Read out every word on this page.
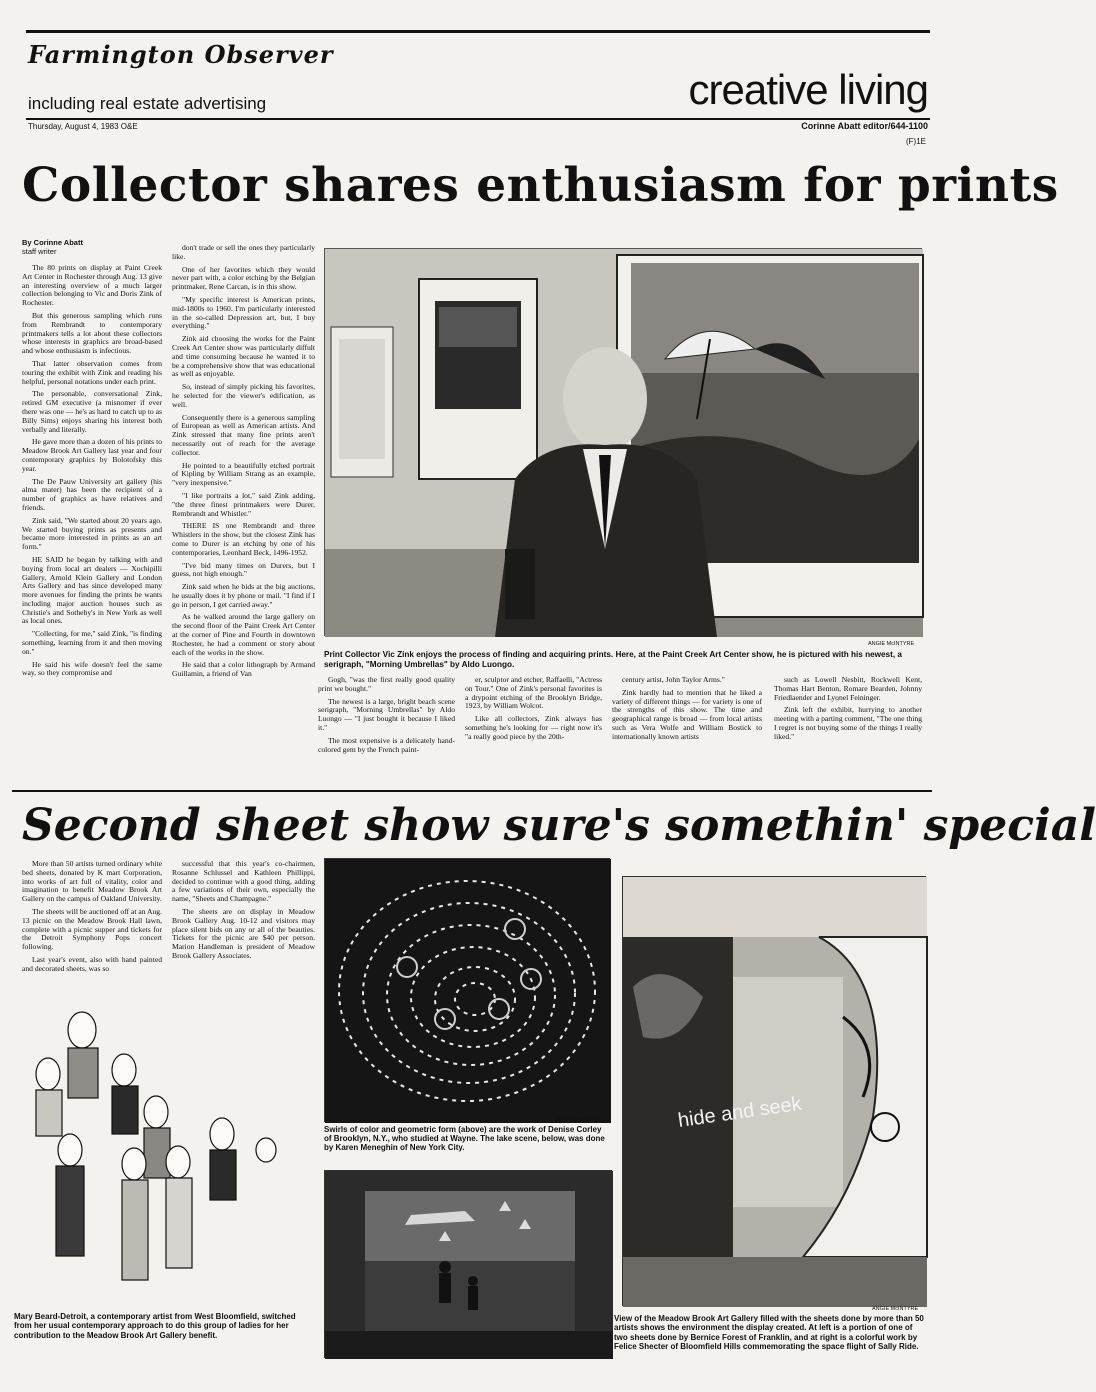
Farmington Observer
including real estate advertising	creative living
Thursday, August 4, 1983 O&E	Corinne Abatt editor/644-1100
(F)1E
Collector shares enthusiasm for prints
By Corinne Abatt
staff writer

The 80 prints on display at Paint Creek Art Center in Rochester through Aug. 13 give an interesting overview of a much larger collection belonging to Vic and Doris Zink of Rochester.

But this generous sampling which runs from Rembrandt to contemporary printmakers tells a lot about these collectors whose interests in graphics are broad-based and whose enthusiasm is infectious.

That latter observation comes from touring the exhibit with Zink and reading his helpful, personal notations under each print.

The personable, conversational Zink, retired GM executive (a misnomer if ever there was one — he's as hard to catch up to as Billy Sims) enjoys sharing his interest both verbally and literally.

He gave more than a dozen of his prints to Meadow Brook Art Gallery last year and four contemporary graphics by Bolotofsky this year.

The De Pauw University art gallery (his alma mater) has been the recipient of a number of graphics as have relatives and friends.

Zink said, "We started about 20 years ago. We started buying prints as presents and became more interested in prints as an art form."

HE SAID he began by talking with and buying from local art dealers — Xochipilli Gallery, Arnold Klein Gallery and London Arts Gallery and has since developed many more avenues for finding the prints he wants including major auction houses such as Christie's and Sotheby's in New York as well as local ones.

"Collecting, for me," said Zink, "is finding something, learning from it and then moving on."

He said his wife doesn't feel the same way, so they compromise and

don't trade or sell the ones they particularly like.

One of her favorites which they would never part with, a color etching by the Belgian printmaker, Rene Carcan, is in this show.

"My specific interest is American prints, mid-1800s to 1960. I'm particularly interested in the so-called Depression art, but, I buy everything."

Zink aid choosing the works for the Paint Creek Art Center show was particularly diffult and time consuming because he wanted it to be a comprehensive show that was educational as well as enjoyable.

So, instead of simply picking his favorites, he selected for the viewer's edification, as well.

Consequently there is a generous sampling of European as well as American artists. And Zink stressed that many fine prints aren't necessarily out of reach for the average collector.

He pointed to a beautifully etched portrait of Kipling by William Strang as an example, "very inexpensive."

"I like portraits a lot," said Zink adding, "the three finest printmakers were Durer, Rembrandt and Whistler."

THERE IS one Rembrandt and three Whistlers in the show, but the closest Zink has come to Durer is an etching by one of his contemporaries, Leonhard Beck, 1496-1952.

"I've bid many times on Durers, but I guess, not high enough."

Zink said when he bids at the big auctions, he usually does it by phone or mail. "I find if I go in person, I get carried away."

As he walked around the large gallery on the second floor of the Paint Creek Art Center at the corner of Pine and Fourth in downtown Rochester, he had a comment or story about each of the works in the show.

He said that a color lithograph by Armand Guillamin, a friend of Van

ANGIE McINTYRE
Print Collector Vic Zink enjoys the process of finding and acquiring prints. Here, at the Paint Creek Art Center show, he is pictured with his newest, a serigraph, "Morning Umbrellas" by Aldo Luongo.

Gogh, "was the first really good quality print we bought."

The newest is a large, bright beach scene serigraph, "Morning Umbrellas" by Aldo Luongo — "I just bought it because I liked it."

The most expensive is a delicately hand-colored gem by the French paint-

er, sculptor and etcher, Raffaelli, "Actress on Tour." One of Zink's personal favorites is a drypoint etching of the Brooklyn Bridge, 1923, by William Wolcot.

Like all collectors, Zink always has something he's looking for — right now it's "a really good piece by the 20th-

century artist, John Taylor Arms."

Zink hardly had to mention that he liked a variety of different things — for variety is one of the strengths of this show. The time and geographical range is broad — from local artists such as Vera Wolfe and William Bostick to internationally known artists

such as Lowell Nesbitt, Rockwell Kent, Thomas Hart Benton, Romare Bearden, Johnny Friedlaender and Lyonel Feininger.

Zink left the exhibit, hurrying to another meeting with a parting comment, "The one thing I regret is not buying some of the things I really liked."

Second sheet show sure's somethin' special

More than 50 artists turned ordinary white bed sheets, donated by K mart Corporation, into works of art full of vitality, color and imagination to benefit Meadow Brook Art Gallery on the campus of Oakland University.

The sheets will be auctioned off at an Aug. 13 picnic on the Meadow Brook Hall lawn, complete with a picnic supper and tickets for the Detroit Symphony Pops concert following.

Last year's event, also with hand painted and decorated sheets, was so

successful that this year's co-chairmen, Rosanne Schlussel and Kathleen Phillippi, decided to continue with a good thing, adding a few variations of their own, especially the name, "Sheets and Champagne."

The sheets are on display in Meadow Brook Gallery Aug. 10-12 and visitors may place silent bids on any or all of the beauties. Tickets for the picnic are $40 per person. Marion Handleman is president of Meadow Brook Gallery Associates.

ANGIE McINTYRE
Swirls of color and geometric form (above) are the work of Denise Corley of Brooklyn, N.Y., who studied at Wayne. The lake scene, below, was done by Karen Meneghin of New York City.
hide and seek
Mary Beard-Detroit, a contemporary artist from West Bloomfield, switched from her usual contemporary approach to do this group of ladies for her contribution to the Meadow Brook Art Gallery benefit.
ANGIE McINTYRE
View of the Meadow Brook Art Gallery filled with the sheets done by more than 50 artists shows the environment the display created. At left is a portion of one of two sheets done by Bernice Forest of Franklin, and at right is a colorful work by Felice Shecter of Bloomfield Hills commemorating the space flight of Sally Ride.
